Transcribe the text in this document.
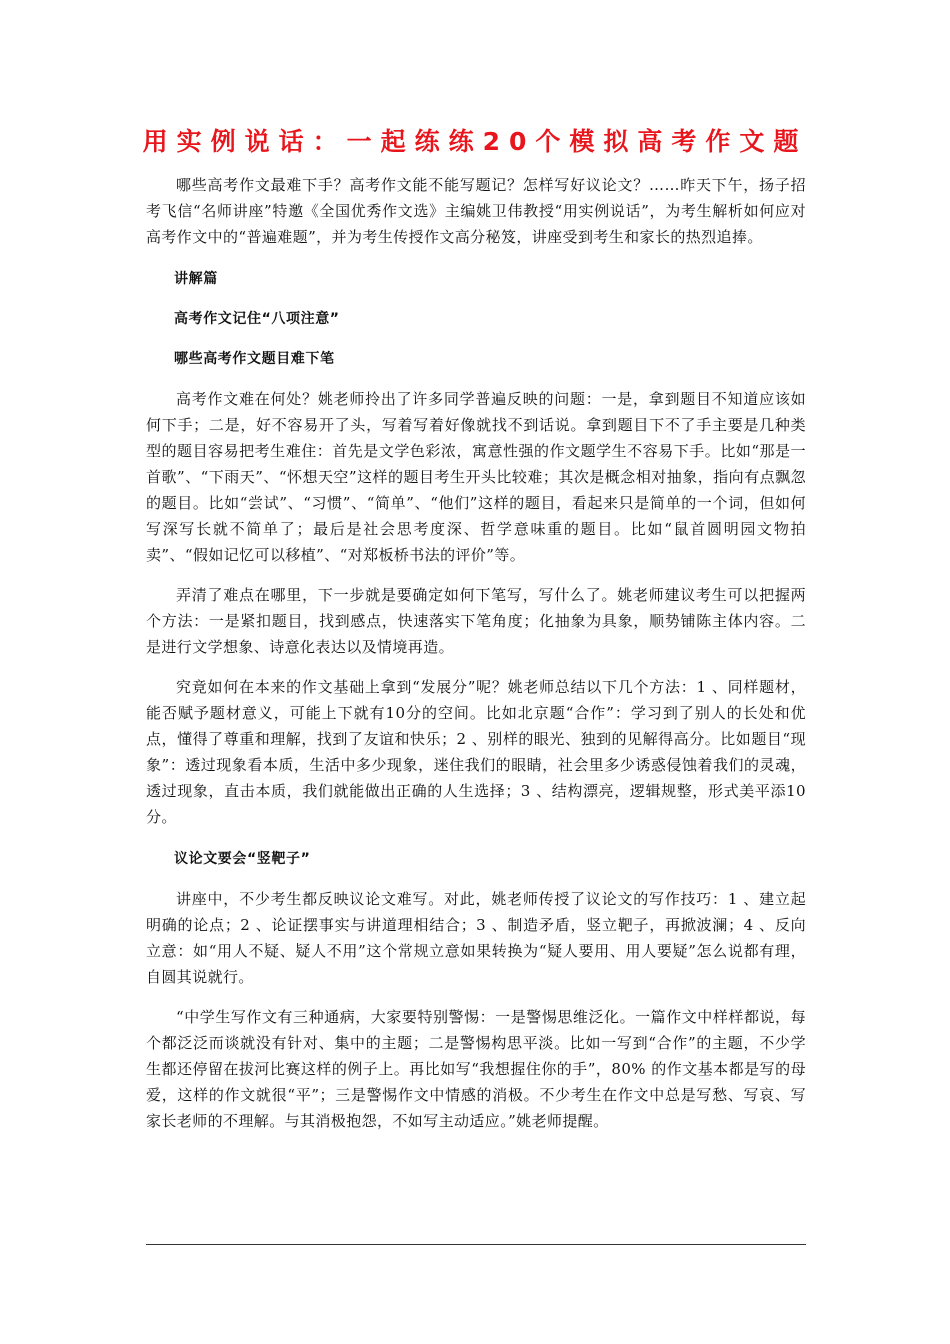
用实例说话：一起练练20个模拟高考作文题

哪些高考作文最难下手？高考作文能不能写题记？怎样写好议论文？……昨天下午，扬子招考飞信“名师讲座”特邀《全国优秀作文选》主编姚卫伟教授“用实例说话”，为考生解析如何应对高考作文中的“普遍难题”，并为考生传授作文高分秘笈，讲座受到考生和家长的热烈追捧。

讲解篇

高考作文记住“八项注意”

哪些高考作文题目难下笔

高考作文难在何处？姚老师拎出了许多同学普遍反映的问题：一是，拿到题目不知道应该如何下手；二是，好不容易开了头，写着写着好像就找不到话说。拿到题目下不了手主要是几种类型的题目容易把考生难住：首先是文学色彩浓，寓意性强的作文题学生不容易下手。比如“那是一首歌”、“下雨天”、“怀想天空”这样的题目考生开头比较难；其次是概念相对抽象，指向有点飘忽的题目。比如“尝试”、“习惯”、“简单”、“他们”这样的题目，看起来只是简单的一个词，但如何写深写长就不简单了；最后是社会思考度深、哲学意味重的题目。比如“鼠首圆明园文物拍卖”、“假如记忆可以移植”、“对郑板桥书法的评价”等。

弄清了难点在哪里，下一步就是要确定如何下笔写，写什么了。姚老师建议考生可以把握两个方法：一是紧扣题目，找到感点，快速落实下笔角度；化抽象为具象，顺势铺陈主体内容。二是进行文学想象、诗意化表达以及情境再造。

究竟如何在本来的作文基础上拿到“发展分”呢？姚老师总结以下几个方法：1 、同样题材，能否赋予题材意义，可能上下就有10分的空间。比如北京题“合作”：学习到了别人的长处和优点，懂得了尊重和理解，找到了友谊和快乐；2 、别样的眼光、独到的见解得高分。比如题目“现象”：透过现象看本质，生活中多少现象，迷住我们的眼睛，社会里多少诱惑侵蚀着我们的灵魂，透过现象，直击本质，我们就能做出正确的人生选择；3 、结构漂亮，逻辑规整，形式美平添10分。

议论文要会“竖靶子”

讲座中，不少考生都反映议论文难写。对此，姚老师传授了议论文的写作技巧：1 、建立起明确的论点；2 、论证摆事实与讲道理相结合；3 、制造矛盾，竖立靶子，再掀波澜；4 、反向立意：如“用人不疑、疑人不用”这个常规立意如果转换为“疑人要用、用人要疑”怎么说都有理，自圆其说就行。

“中学生写作文有三种通病，大家要特别警惕：一是警惕思维泛化。一篇作文中样样都说，每个都泛泛而谈就没有针对、集中的主题；二是警惕构思平淡。比如一写到“合作”的主题，不少学生都还停留在拔河比赛这样的例子上。再比如写“我想握住你的手”，80% 的作文基本都是写的母爱，这样的作文就很“平”；三是警惕作文中情感的消极。不少考生在作文中总是写愁、写哀、写家长老师的不理解。与其消极抱怨，不如写主动适应。”姚老师提醒。
